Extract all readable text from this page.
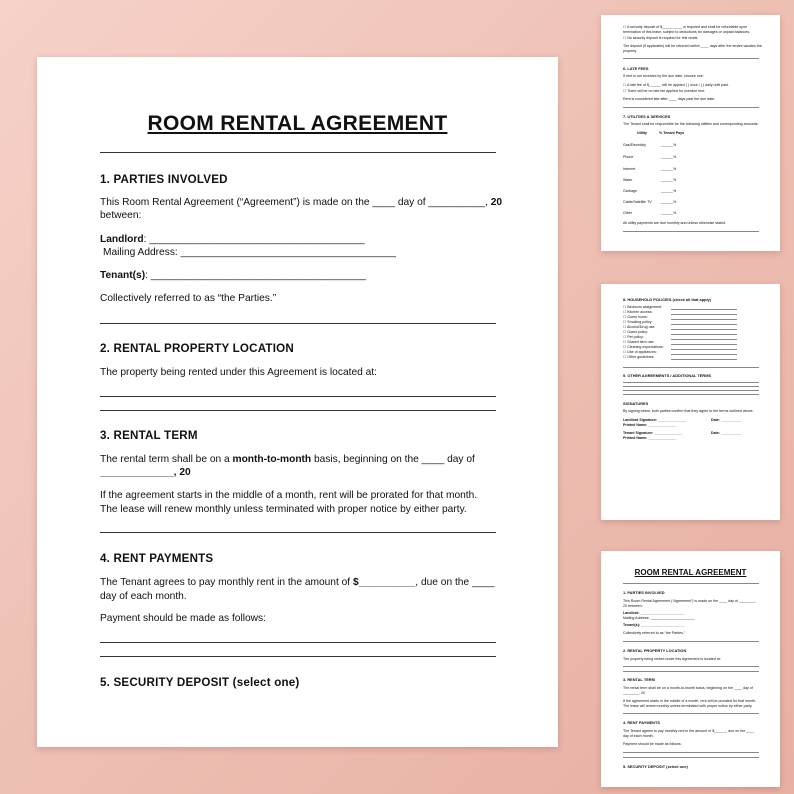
ROOM RENTAL AGREEMENT
1. PARTIES INVOLVED
This Room Rental Agreement (“Agreement”) is made on the ____ day of __________, 20
between:
Landlord: ______________________________________
Mailing Address: ______________________________________
Tenant(s): ______________________________________
Collectively referred to as “the Parties.”
2. RENTAL PROPERTY LOCATION
The property being rented under this Agreement is located at:
3. RENTAL TERM
The rental term shall be on a month-to-month basis, beginning on the ____ day of
_____________, 20
If the agreement starts in the middle of a month, rent will be prorated for that month. The lease will renew monthly unless terminated with proper notice by either party.
4. RENT PAYMENTS
The Tenant agrees to pay monthly rent in the amount of $__________, due on the ____ day of each month.
Payment should be made as follows:
5. SECURITY DEPOSIT (select one)
☐ A security deposit of $__________ is required and shall be refundable upon termination of this lease, subject to deductions for damages or unpaid balances.
☐ No security deposit is required for this rental.
The deposit (if applicable) will be returned within ____ days after the tenant vacates the property.
6. LATE FEES
If rent is not received by the due date, choose one:
☐ A late fee of $______ will be applied ( ) once / ( ) daily until paid.
☐ There will be no late fee applied for overdue rent.
Rent is considered late after ____ days past the due date.
7. UTILITIES & SERVICES
The Tenant shall be responsible for the following utilities and corresponding amounts:
Utility	% Tenant Pays
Gas/Electricity	______%
Phone	______%
Internet	______%
Water	______%
Garbage	______%
Cable/Satellite TV	______%
Other	______%
All utility payments are due monthly and unless otherwise stated.
8. HOUSEHOLD POLICIES (check all that apply)
☐ Bedroom assignment:
☐ Kitchen access:
☐ Guest hours:
☐ Smoking policy:
☐ Alcohol/Drug use:
☐ Guest policy:
☐ Pet policy:
☐ Shared item use:
☐ Cleaning expectations:
☐ Use of appliances:
☐ Other guidelines:
9. OTHER AGREEMENTS / ADDITIONAL TERMS
SIGNATURES
By signing below, both parties confirm that they agree to the terms outlined above.
Landlord Signature: ______________	Date: __________
Printed Name: ______________
Tenant Signature: ______________	Date: __________
Printed Name: ______________
ROOM RENTAL AGREEMENT
1. PARTIES INVOLVED
This Room Rental Agreement (“Agreement”) is made on the ____ day of ________, 20 between:
Landlord: ______________________
Mailing Address: ______________________
Tenant(s): ______________________
Collectively referred to as “the Parties.”
2. RENTAL PROPERTY LOCATION
The property being rented under this Agreement is located at:
3. RENTAL TERM
The rental term shall be on a month-to-month basis, beginning on the ____ day of ________, 20
If the agreement starts in the middle of a month, rent will be prorated for that month. The lease will renew monthly unless terminated with proper notice by either party.
4. RENT PAYMENTS
The Tenant agrees to pay monthly rent in the amount of $______, due on the ____ day of each month.
Payment should be made as follows:
5. SECURITY DEPOSIT (select one)
